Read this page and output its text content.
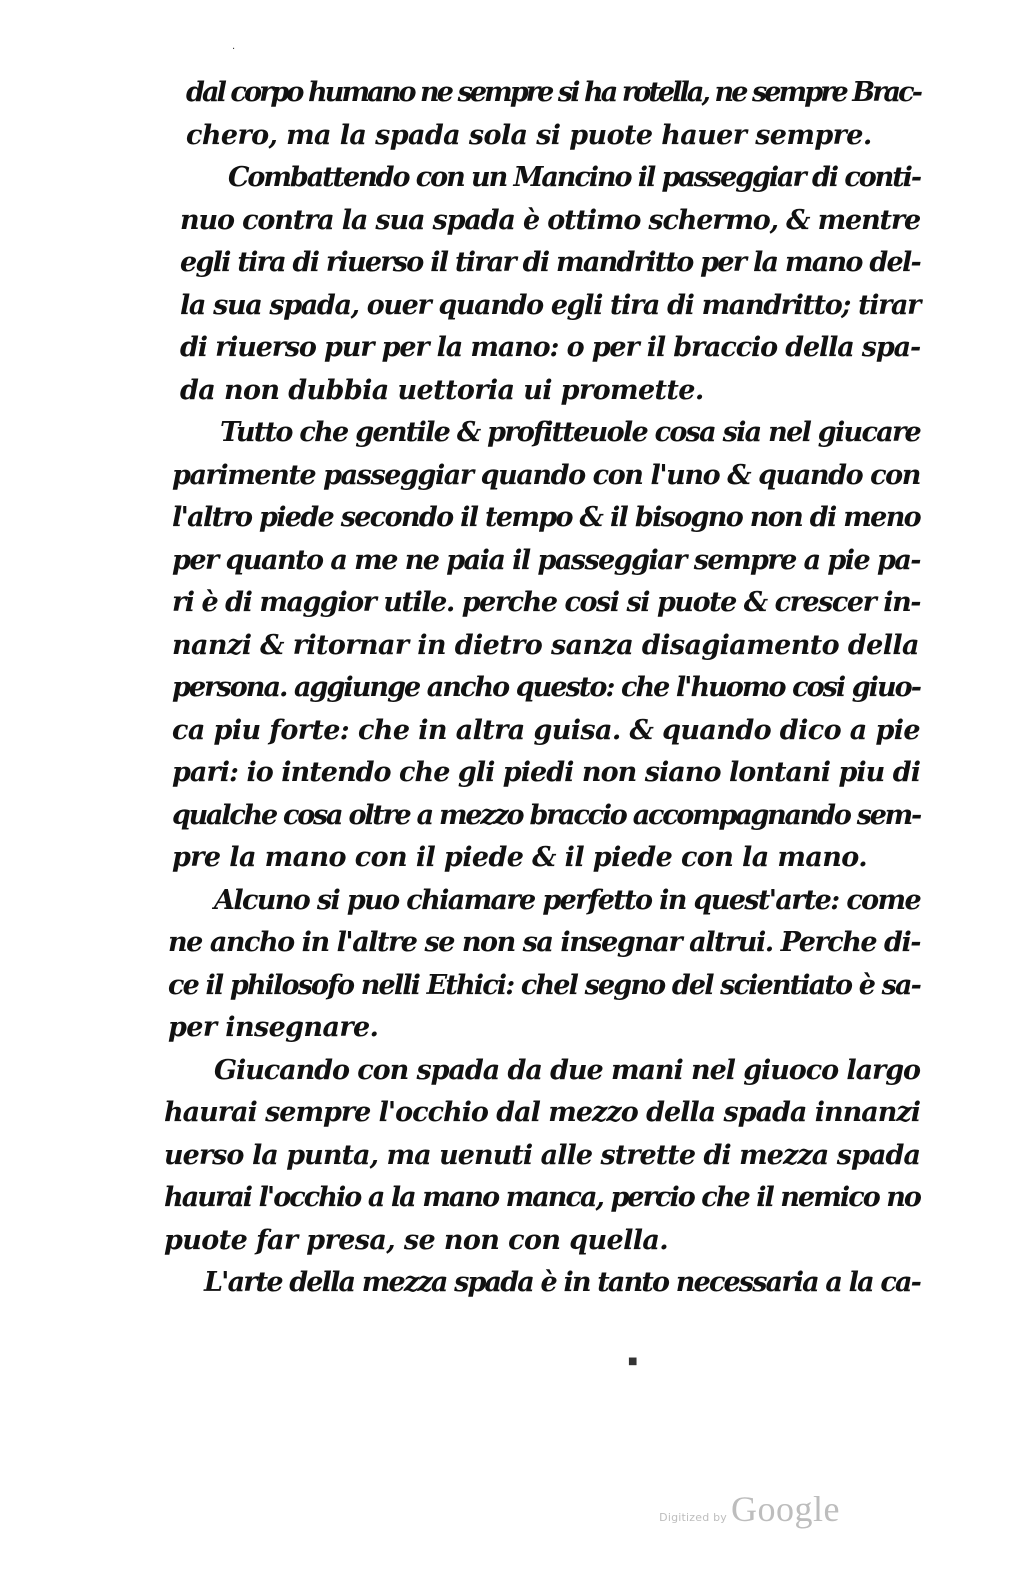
·
dal corpo humano ne sempre si ha rotella, ne sempre Brac-
chero, ma la spada sola si puote hauer sempre.
Combattendo con un Mancino il passeggiar di conti-
nuo contra la sua spada è ottimo schermo, & mentre
egli tira di riuerso il tirar di mandritto per la mano del-
la sua spada, ouer quando egli tira di mandritto; tirar
di riuerso pur per la mano: o per il braccio della spa-
da non dubbia uettoria ui promette.
Tutto che gentile & profitteuole cosa sia nel giucare
parimente passeggiar quando con l'uno & quando con
l'altro piede secondo il tempo & il bisogno non di meno
per quanto a me ne paia il passeggiar sempre a pie pa-
ri è di maggior utile. perche cosi si puote & crescer in-
nanzi & ritornar in dietro sanza disagiamento della
persona. aggiunge ancho questo: che l'huomo cosi giuo-
ca piu forte: che in altra guisa. & quando dico a pie
pari: io intendo che gli piedi non siano lontani piu di
qualche cosa oltre a mezzo braccio accompagnando sem-
pre la mano con il piede & il piede con la mano.
Alcuno si puo chiamare perfetto in quest'arte: come
ne ancho in l'altre se non sa insegnar altrui. Perche di-
ce il philosofo nelli Ethici: chel segno del scientiato è sa-
per insegnare.
Giucando con spada da due mani nel giuoco largo
haurai sempre l'occhio dal mezzo della spada innanzi
uerso la punta, ma uenuti alle strette di mezza spada
haurai l'occhio a la mano manca, percio che il nemico no
puote far presa, se non con quella.
L'arte della mezza spada è in tanto necessaria a la ca-
■
Digitized by Google
